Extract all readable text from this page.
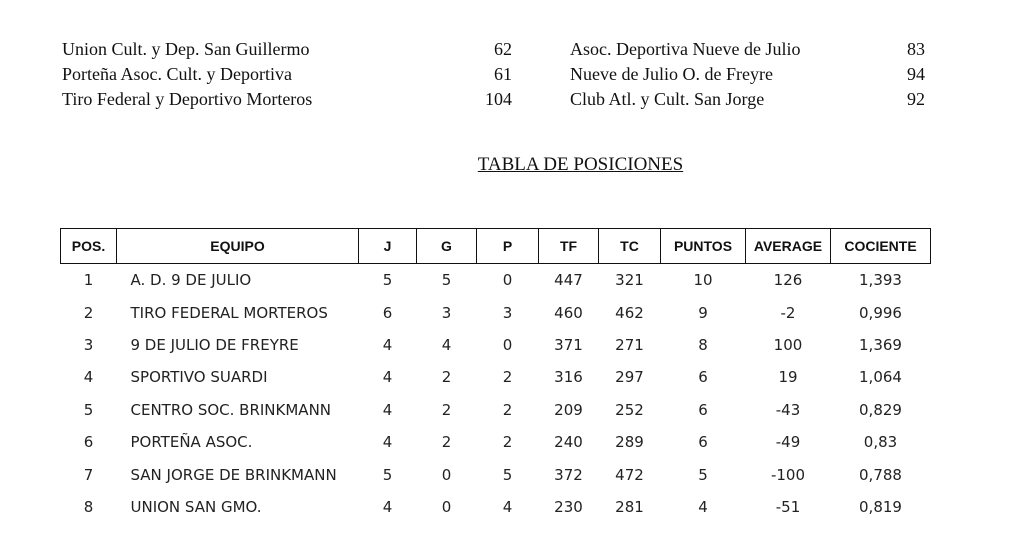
Union Cult. y Dep. San Guillermo	62	Asoc. Deportiva Nueve de Julio	83
Porteña Asoc. Cult. y Deportiva	61	Nueve de Julio O. de Freyre	94
Tiro Federal y Deportivo Morteros	104	Club Atl. y Cult. San Jorge	92
TABLA DE POSICIONES
POS.	EQUIPO	J	G	P	TF	TC	PUNTOS	AVERAGE	COCIENTE
1	A. D. 9 DE JULIO	5	5	0	447	321	10	126	1,393
2	TIRO FEDERAL MORTEROS	6	3	3	460	462	9	-2	0,996
3	9 DE JULIO DE FREYRE	4	4	0	371	271	8	100	1,369
4	SPORTIVO SUARDI	4	2	2	316	297	6	19	1,064
5	CENTRO SOC. BRINKMANN	4	2	2	209	252	6	-43	0,829
6	PORTEÑA ASOC.	4	2	2	240	289	6	-49	0,83
7	SAN JORGE DE BRINKMANN	5	0	5	372	472	5	-100	0,788
8	UNION SAN GMO.	4	0	4	230	281	4	-51	0,819
